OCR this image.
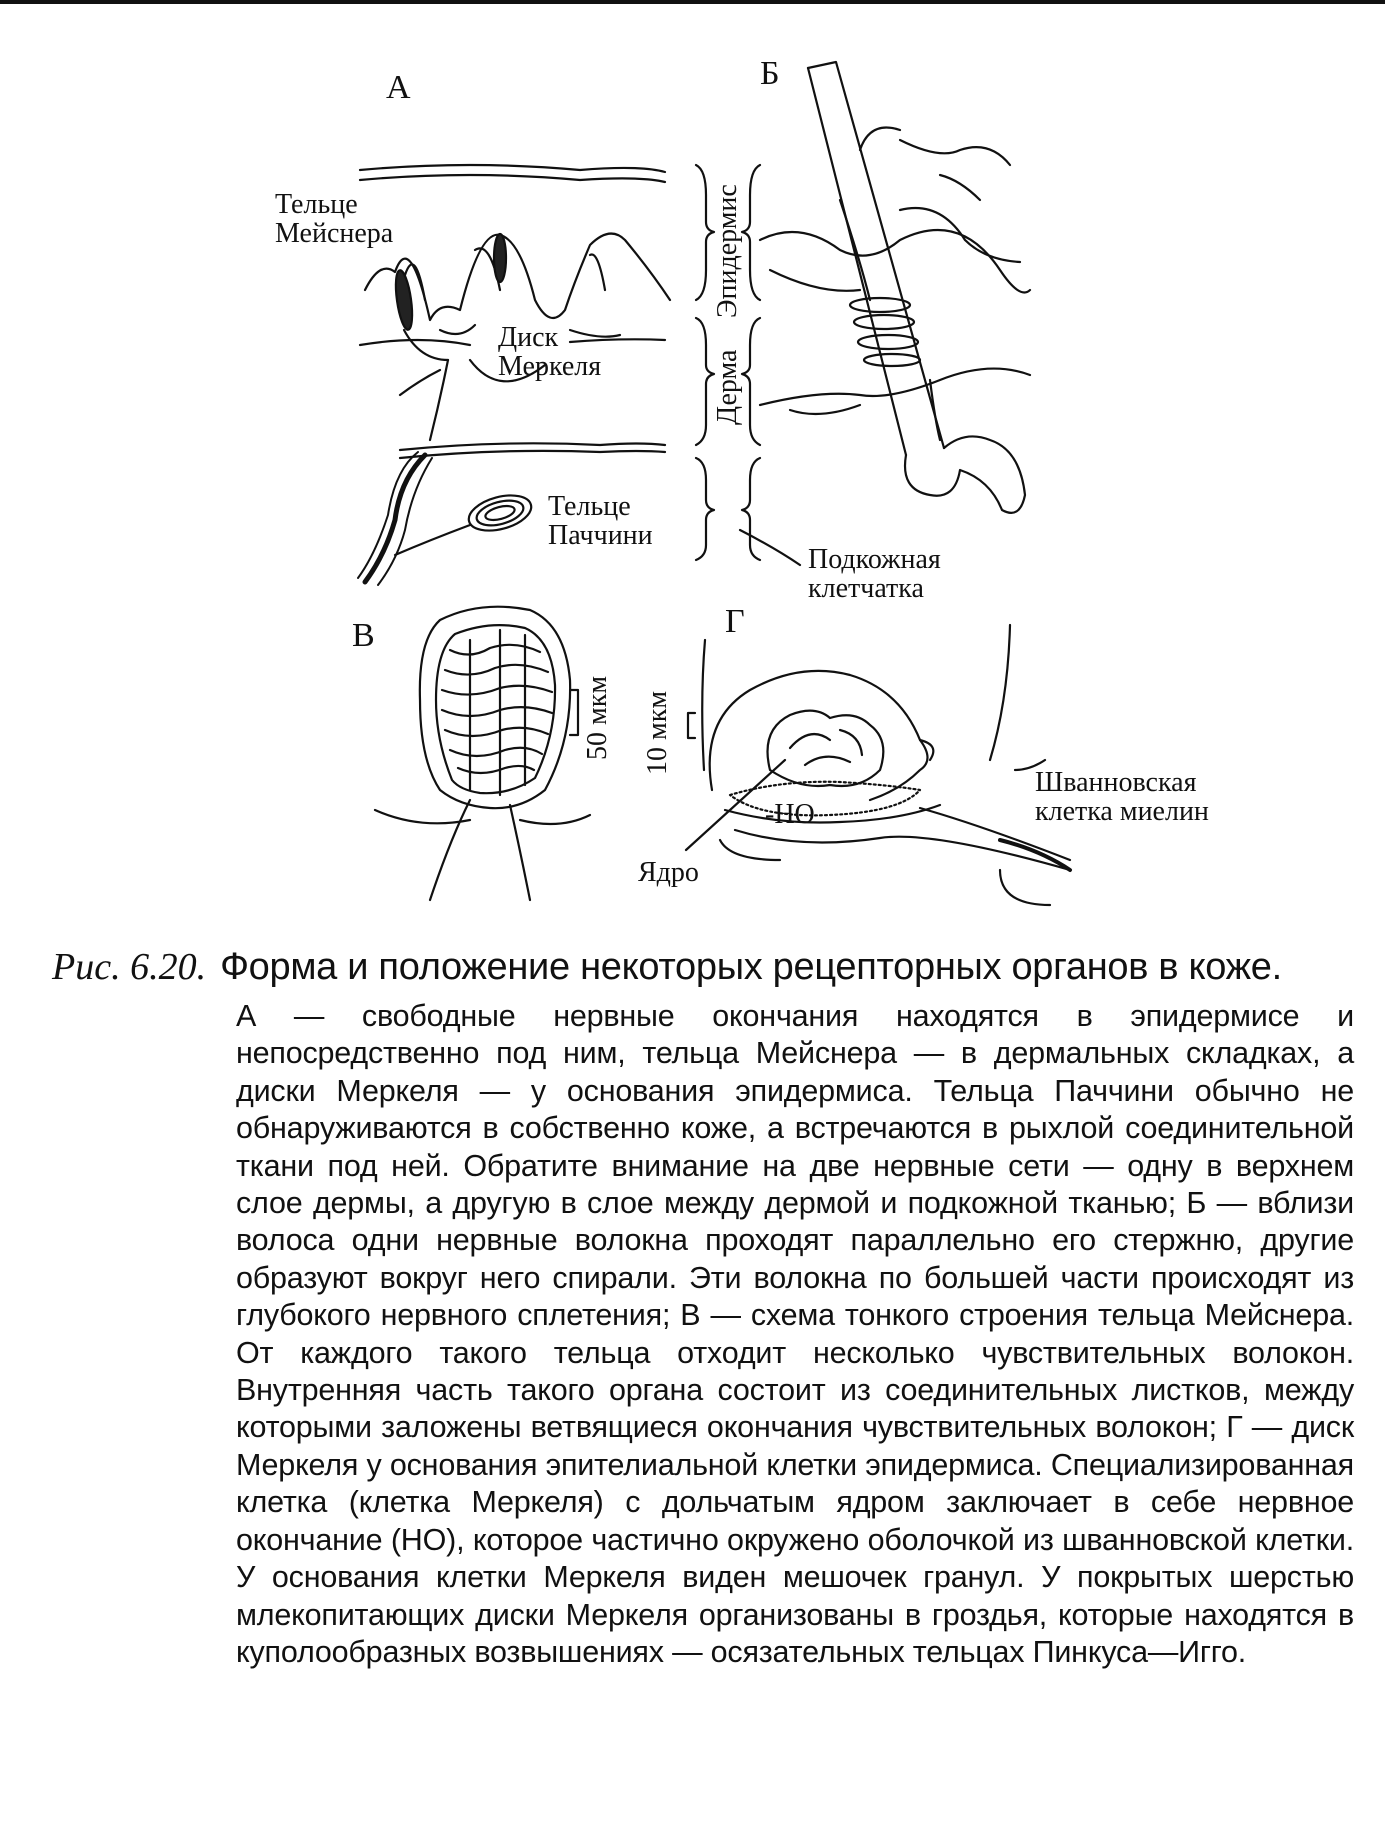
А
Тельце
Мейснера
Диск
Меркеля
Тельце
Паччини
Б
Эпидермис
Дерма
Подкожная
клетчатка
В
50 мкм
Г
10 мкм
Шванновская
клетка миелин
-НО
Ядро
Рис. 6.20. Форма и положение некоторых рецепторных органов в коже.
А — свободные нервные окончания находятся в эпидермисе и непосредственно под ним, тельца Мейснера — в дермальных складках, а диски Меркеля — у основания эпидермиса. Тельца Паччини обычно не обнаруживаются в собственно коже, а встречаются в рыхлой соединительной ткани под ней. Обратите внимание на две нервные сети — одну в верхнем слое дермы, а другую в слое между дермой и подкожной тканью; Б — вблизи волоса одни нервные волокна проходят параллельно его стержню, другие образуют вокруг него спирали. Эти волокна по большей части происходят из глубокого нервного сплетения; В — схема тонкого строения тельца Мейснера. От каждого такого тельца отходит несколько чувствительных волокон. Внутренняя часть такого органа состоит из соединительных листков, между которыми заложены ветвящиеся окончания чувствительных волокон; Г — диск Меркеля у основания эпителиальной клетки эпидермиса. Специализированная клетка (клетка Меркеля) с дольчатым ядром заключает в себе нервное окончание (НО), которое частично окружено оболочкой из шванновской клетки. У основания клетки Меркеля виден мешочек гранул. У покрытых шерстью млекопитающих диски Меркеля организованы в гроздья, которые находятся в куполообразных возвышениях — осязательных тельцах Пинкуса—Игго.
